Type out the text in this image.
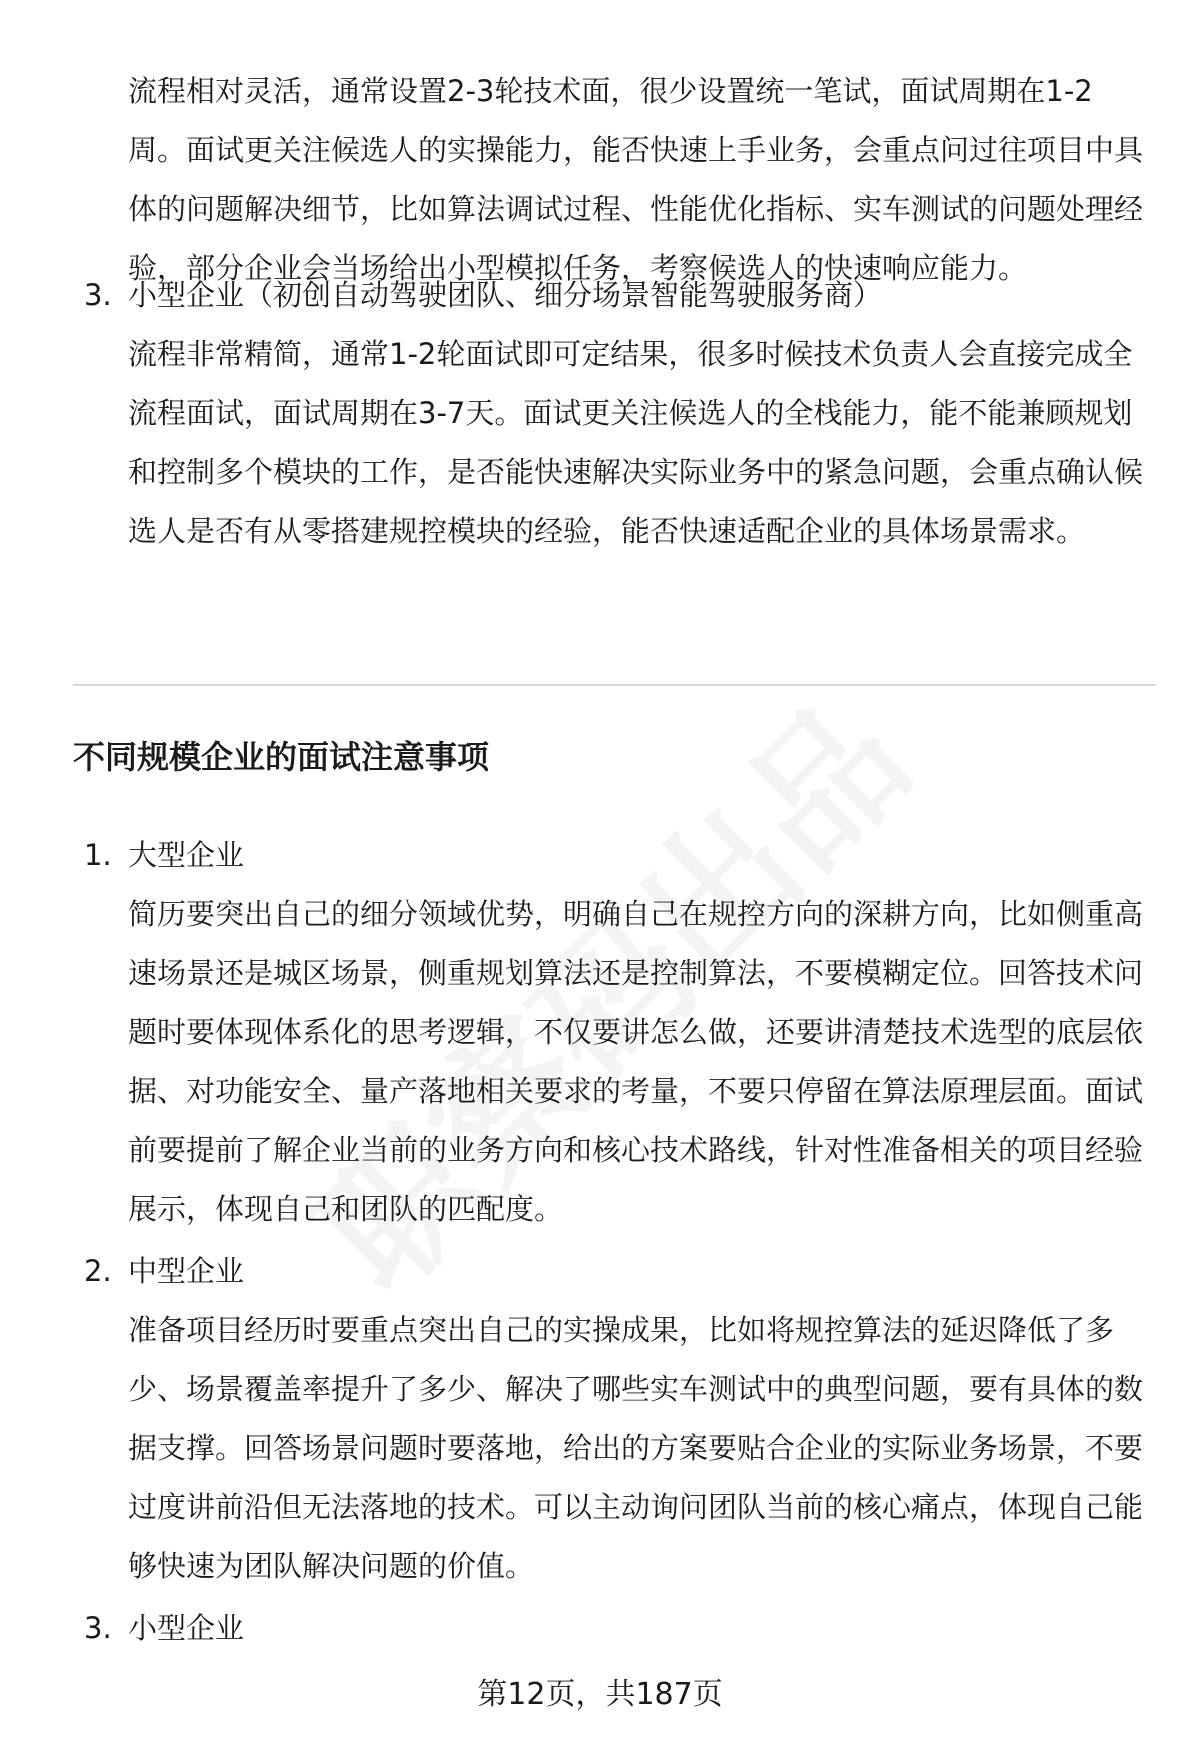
流程相对灵活，通常设置2-3轮技术面，很少设置统一笔试，面试周期在1-2周。面试更关注候选人的实操能力，能否快速上手业务，会重点问过往项目中具体的问题解决细节，比如算法调试过程、性能优化指标、实车测试的问题处理经验，部分企业会当场给出小型模拟任务，考察候选人的快速响应能力。

3. 小型企业（初创自动驾驶团队、细分场景智能驾驶服务商）

流程非常精简，通常1-2轮面试即可定结果，很多时候技术负责人会直接完成全流程面试，面试周期在3-7天。面试更关注候选人的全栈能力，能不能兼顾规划和控制多个模块的工作，是否能快速解决实际业务中的紧急问题，会重点确认候选人是否有从零搭建规控模块的经验，能否快速适配企业的具体场景需求。

不同规模企业的面试注意事项
1. 大型企业

简历要突出自己的细分领域优势，明确自己在规控方向的深耕方向，比如侧重高速场景还是城区场景，侧重规划算法还是控制算法，不要模糊定位。回答技术问题时要体现体系化的思考逻辑，不仅要讲怎么做，还要讲清楚技术选型的底层依据、对功能安全、量产落地相关要求的考量，不要只停留在算法原理层面。面试前要提前了解企业当前的业务方向和核心技术路线，针对性准备相关的项目经验展示，体现自己和团队的匹配度。

2. 中型企业

准备项目经历时要重点突出自己的实操成果，比如将规控算法的延迟降低了多少、场景覆盖率提升了多少、解决了哪些实车测试中的典型问题，要有具体的数据支撑。回答场景问题时要落地，给出的方案要贴合企业的实际业务场景，不要过度讲前沿但无法落地的技术。可以主动询问团队当前的核心痛点，体现自己能够快速为团队解决问题的价值。

3. 小型企业
第12页，共187页
